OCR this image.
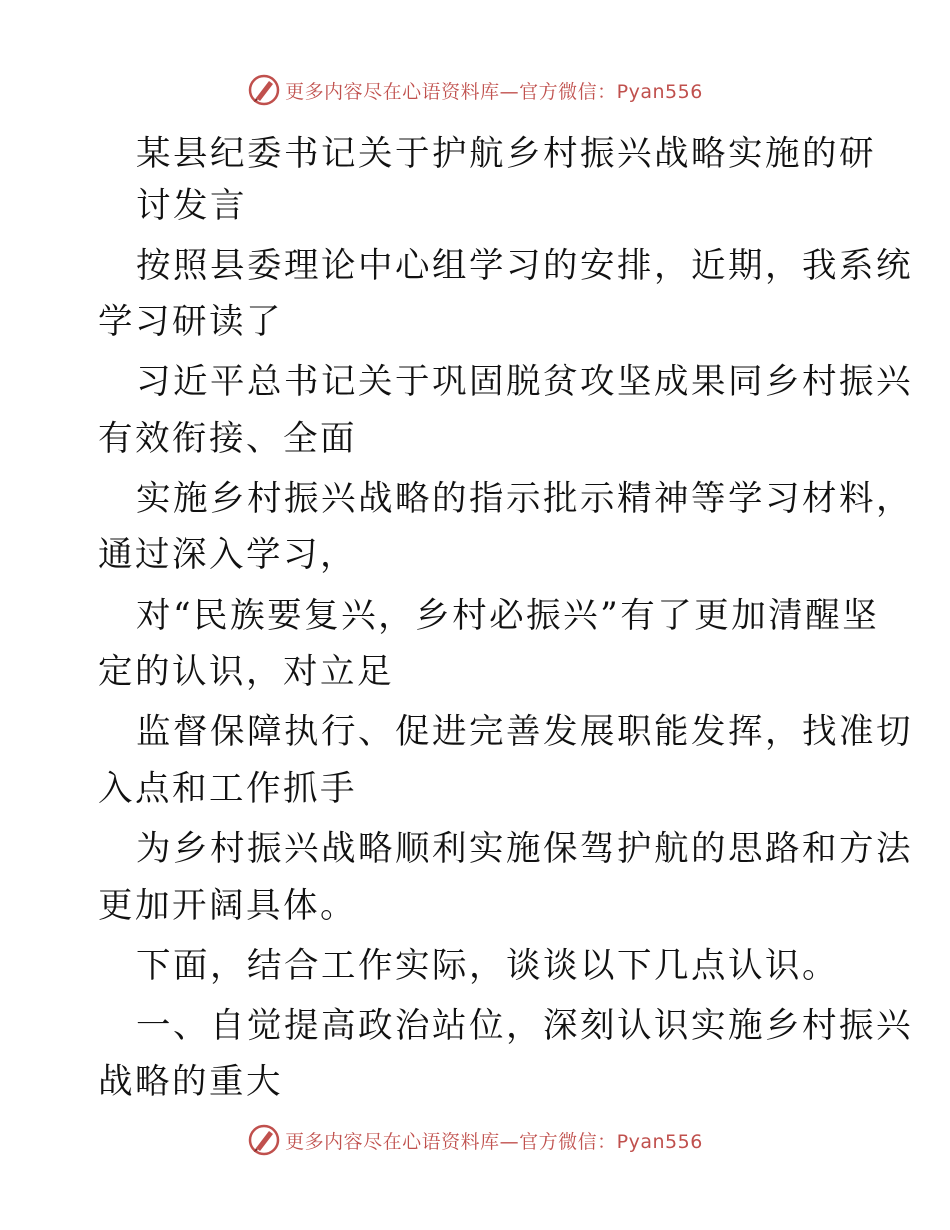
更多内容尽在心语资料库—官方微信：Pyan556
某县纪委书记关于护航乡村振兴战略实施的研
讨发言
按照县委理论中心组学习的安排，近期，我系统
学习研读了
习近平总书记关于巩固脱贫攻坚成果同乡村振兴
有效衔接、全面
实施乡村振兴战略的指示批示精神等学习材料，
通过深入学习，
对“民族要复兴，乡村必振兴”有了更加清醒坚
定的认识，对立足
监督保障执行、促进完善发展职能发挥，找准切
入点和工作抓手
为乡村振兴战略顺利实施保驾护航的思路和方法
更加开阔具体。
下面，结合工作实际，谈谈以下几点认识。
一、自觉提高政治站位，深刻认识实施乡村振兴
战略的重大
更多内容尽在心语资料库—官方微信：Pyan556
